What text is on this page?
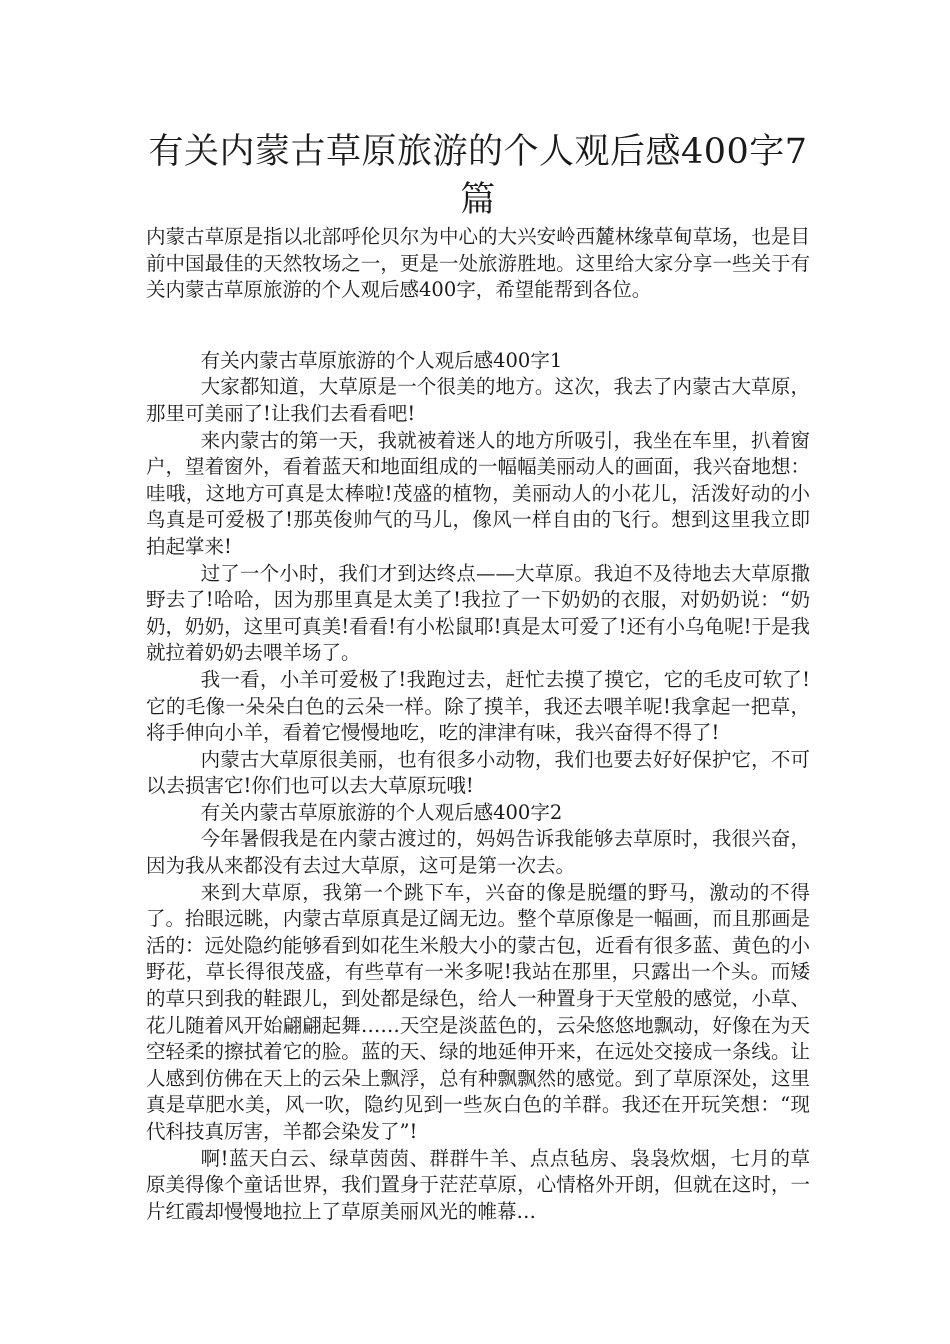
有关内蒙古草原旅游的个人观后感400字7篇

内蒙古草原是指以北部呼伦贝尔为中心的大兴安岭西麓林缘草甸草场，也是目前中国最佳的天然牧场之一，更是一处旅游胜地。这里给大家分享一些关于有关内蒙古草原旅游的个人观后感400字，希望能帮到各位。

有关内蒙古草原旅游的个人观后感400字1

大家都知道，大草原是一个很美的地方。这次，我去了内蒙古大草原，那里可美丽了!让我们去看看吧!

来内蒙古的第一天，我就被着迷人的地方所吸引，我坐在车里，扒着窗户，望着窗外，看着蓝天和地面组成的一幅幅美丽动人的画面，我兴奋地想：哇哦，这地方可真是太棒啦!茂盛的植物，美丽动人的小花儿，活泼好动的小鸟真是可爱极了!那英俊帅气的马儿，像风一样自由的飞行。想到这里我立即拍起掌来!

过了一个小时，我们才到达终点——大草原。我迫不及待地去大草原撒野去了!哈哈，因为那里真是太美了!我拉了一下奶奶的衣服，对奶奶说：“奶奶，奶奶，这里可真美!看看!有小松鼠耶!真是太可爱了!还有小乌龟呢!于是我就拉着奶奶去喂羊场了。

我一看，小羊可爱极了!我跑过去，赶忙去摸了摸它，它的毛皮可软了!它的毛像一朵朵白色的云朵一样。除了摸羊，我还去喂羊呢!我拿起一把草，将手伸向小羊，看着它慢慢地吃，吃的津津有味，我兴奋得不得了!

内蒙古大草原很美丽，也有很多小动物，我们也要去好好保护它，不可以去损害它!你们也可以去大草原玩哦!

有关内蒙古草原旅游的个人观后感400字2

今年暑假我是在内蒙古渡过的，妈妈告诉我能够去草原时，我很兴奋，因为我从来都没有去过大草原，这可是第一次去。

来到大草原，我第一个跳下车，兴奋的像是脱缰的野马，激动的不得了。抬眼远眺，内蒙古草原真是辽阔无边。整个草原像是一幅画，而且那画是活的：远处隐约能够看到如花生米般大小的蒙古包，近看有很多蓝、黄色的小野花，草长得很茂盛，有些草有一米多呢!我站在那里，只露出一个头。而矮的草只到我的鞋跟儿，到处都是绿色，给人一种置身于天堂般的感觉，小草、花儿随着风开始翩翩起舞……天空是淡蓝色的，云朵悠悠地飘动，好像在为天空轻柔的擦拭着它的脸。蓝的天、绿的地延伸开来，在远处交接成一条线。让人感到仿佛在天上的云朵上飘浮，总有种飘飘然的感觉。到了草原深处，这里真是草肥水美，风一吹，隐约见到一些灰白色的羊群。我还在开玩笑想：“现代科技真厉害，羊都会染发了”!

啊!蓝天白云、绿草茵茵、群群牛羊、点点毡房、袅袅炊烟，七月的草原美得像个童话世界，我们置身于茫茫草原，心情格外开朗，但就在这时，一片红霞却慢慢地拉上了草原美丽风光的帷幕…
